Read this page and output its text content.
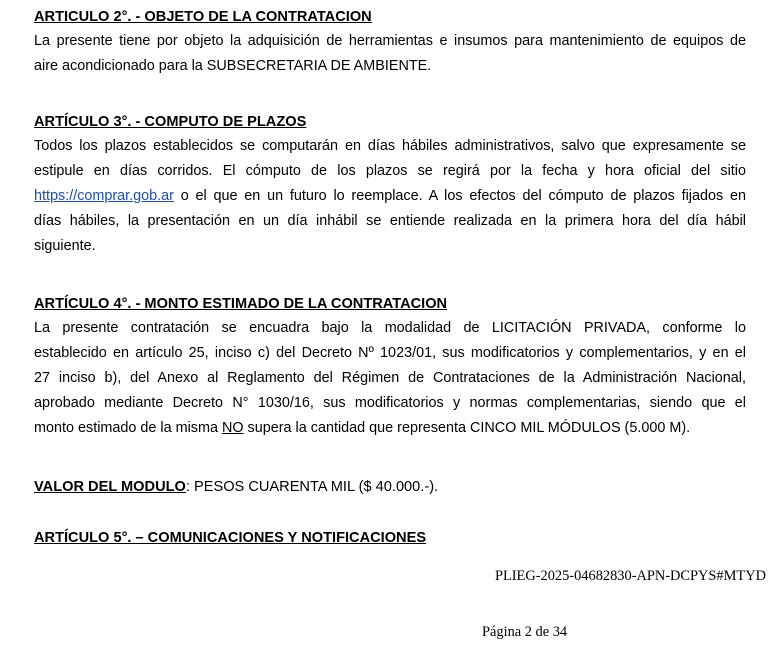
ARTICULO 2°. - OBJETO DE LA CONTRATACION

La presente tiene por objeto la adquisición de herramientas e insumos para mantenimiento de equipos de
aire acondicionado para la SUBSECRETARIA DE AMBIENTE.

ARTÍCULO 3°. - COMPUTO DE PLAZOS

Todos los plazos establecidos se computarán en días hábiles administrativos, salvo que expresamente se
estipule en días corridos. El cómputo de los plazos se regirá por la fecha y hora oficial del sitio
https://comprar.gob.ar o el que en un futuro lo reemplace. A los efectos del cómputo de plazos fijados en
días hábiles, la presentación en un día inhábil se entiende realizada en la primera hora del día hábil
siguiente.

ARTÍCULO 4°. - MONTO ESTIMADO DE LA CONTRATACION

La presente contratación se encuadra bajo la modalidad de LICITACIÓN PRIVADA, conforme lo
establecido en artículo 25, inciso c) del Decreto Nº 1023/01, sus modificatorios y complementarios, y en el
27 inciso b), del Anexo al Reglamento del Régimen de Contrataciones de la Administración Nacional,
aprobado mediante Decreto N° 1030/16, sus modificatorios y normas complementarias, siendo que el
monto estimado de la misma NO supera la cantidad que representa CINCO MIL MÓDULOS (5.000 M).

VALOR DEL MODULO: PESOS CUARENTA MIL ($ 40.000.-).

ARTÍCULO 5°. – COMUNICACIONES Y NOTIFICACIONES

PLIEG-2025-04682830-APN-DCPYS#MTYD
Página 2 de 34
